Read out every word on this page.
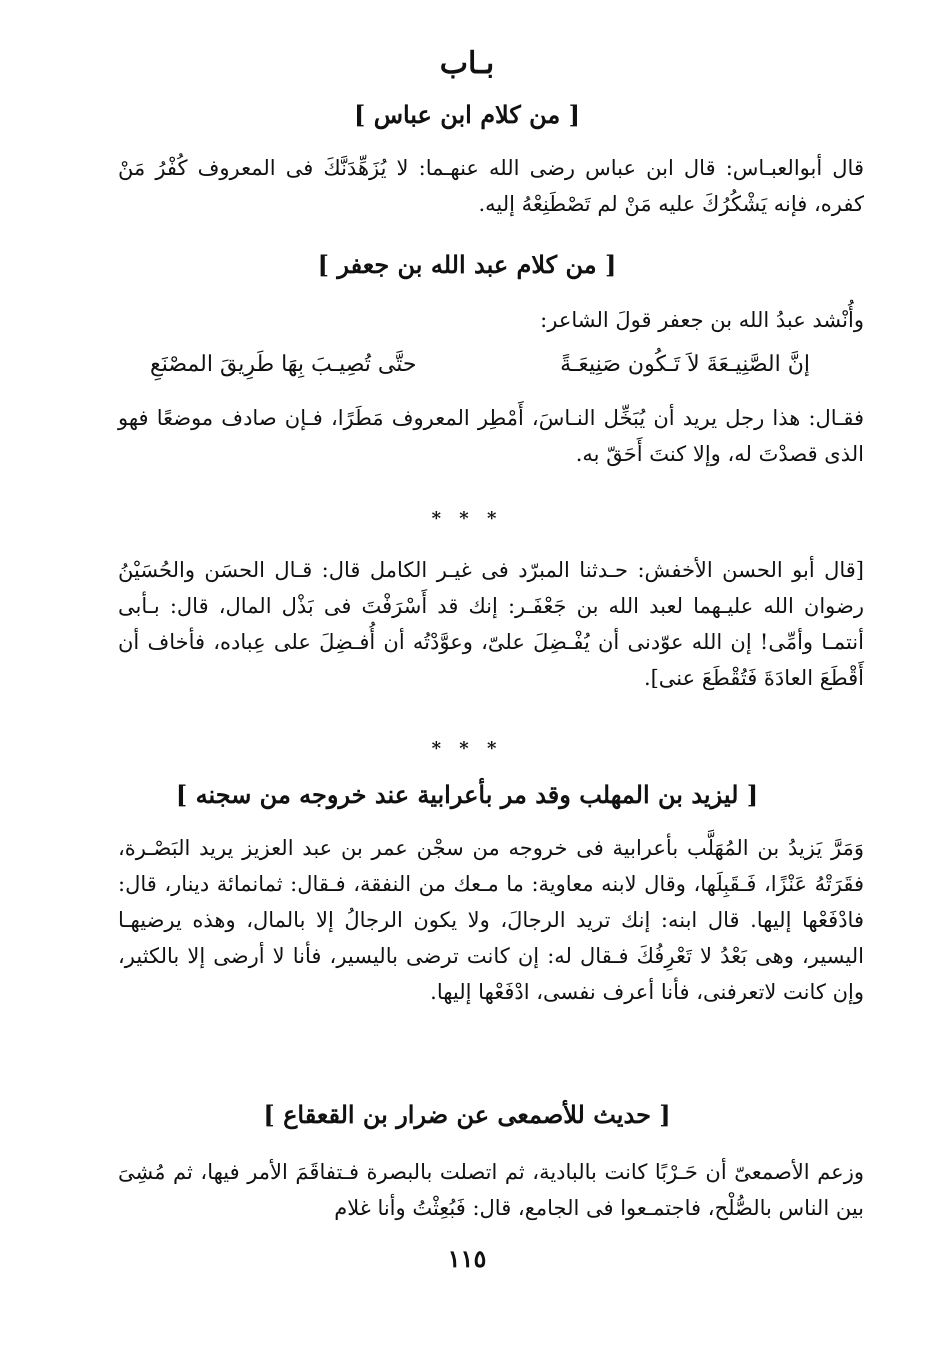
بـاب
[ من كلام ابن عباس ]
قال أبوالعبـاس: قال ابن عباس رضى الله عنهـما: لا يُزَهِّدَنَّكَ فى المعروف كُفْرُ مَنْ كفره، فإنه يَشْكُرُكَ عليه مَنْ لم تَصْطَنِعْهُ إليه.
[ من كلام عبد الله بن جعفر ]
وأُنْشد عبدُ الله بن جعفر قولَ الشاعر:
إنَّ الصَّنِيـعَةَ لاَ تَـكُون صَنِيعَـةً
حتَّى تُصِيـبَ بِهَا طَرِيقَ المصْنَعِ
فقـال: هذا رجل يريد أن يُبَخِّل النـاسَ، أَمْطِر المعروف مَطَرًا، فـإن صادف موضعًا فهو الذى قصدْتَ له، وإلا كنتَ أَحَقّ به.
* * *
[قال أبو الحسن الأخفش: حـدثنا المبرّد فى غيـر الكامل قال: قـال الحسَن والحُسَيْنُ رضوان الله عليـهما لعبد الله بن جَعْفَـر: إنك قد أَسْرَفْتَ فى بَذْل المال، قال: بـأبى أنتمـا وأمِّى! إن الله عوّدنى أن يُفْـضِلَ علىّ، وعوَّدْتُه أن أُفـضِلَ على عِباده، فأخاف أن أَقْطَعَ العادَةَ فَتُقْطَعَ عنى].
* * *
[ ليزيد بن المهلب وقد مر بأعرابية عند خروجه من سجنه ]
وَمَرَّ يَزيدُ بن المُهَلَّب بأعرابية فى خروجه من سجْن عمر بن عبد العزيز يريد البَصْـرة، فقَرَتْهُ عَنْزًا، فَـقَبِلَها، وقال لابنه معاوية: ما مـعك من النفقة، فـقال: ثمانمائة دينار، قال: فادْفَعْها إليها. قال ابنه: إنك تريد الرجالَ، ولا يكون الرجالُ إلا بالمال، وهذه يرضيهـا اليسير، وهى بَعْدُ لا تَعْرِفُكَ فـقال له: إن كانت ترضى باليسير، فأنا لا أرضى إلا بالكثير، وإن كانت لاتعرفنى، فأنا أعرف نفسى، ادْفَعْها إليها.
[ حديث للأصمعى عن ضرار بن القعقاع ]
وزعم الأصمعىّ أن حَـرْبًا كانت بالبادية، ثم اتصلت بالبصرة فـتفاقَمَ الأمر فيها، ثم مُشِىَ بين الناس بالصُّلْح، فاجتمـعوا فى الجامع، قال: فَبُعِثْتُ وأنا غلام
١١٥
